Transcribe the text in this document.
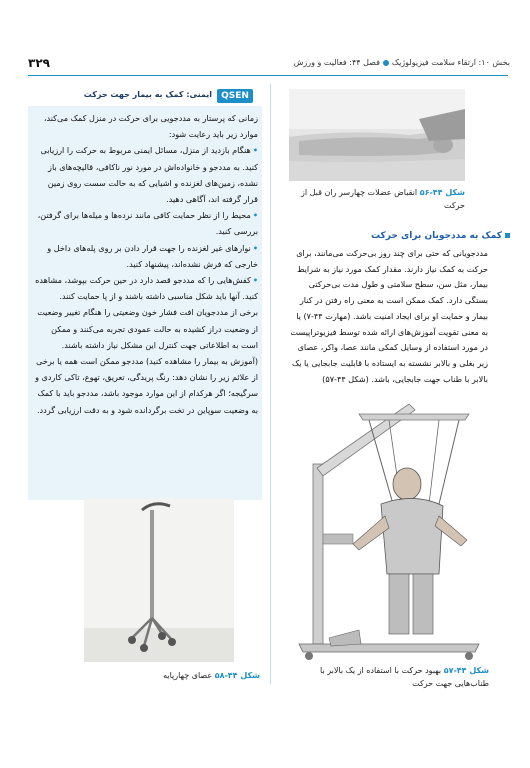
۳۲۹	بخش ۱۰: ارتقاء سلامت فیزیولوژیکفصل ۴۴: فعالیت و ورزش
QSEN
ایمنی: کمک به بیمار جهت حرکت

زمانی که پرستار به مددجویی برای حرکت در منزل کمک می‌کند، موارد زیر باید رعایت شود:

•هنگام بازدید از منزل، مسائل ایمنی مربوط به حرکت را ارزیابی کنید. به مددجو و خانواده‌اش در مورد نور ناکافی، قالیچه‌های باز نشده، زمین‌های لغزنده و اشیایی که به حالت سست روی زمین قرار گرفته اند، آگاهی دهید.

•محیط را از نظر حمایت کافی مانند نرده‌ها و میله‌ها برای گرفتن، بررسی کنید.

•نوارهای غیر لغزنده را جهت قرار دادن بر روی پله‌های داخل و خارجی که فرش نشده‌اند، پیشنهاد کنید.

•کفش‌هایی را که مددجو قصد دارد در حین حرکت بپوشد، مشاهده کنید. آنها باید شکل مناسبی داشته باشند و از پا حمایت کنند.

برخی از مددجویان افت فشار خون وضعیتی را هنگام تغییر وضعیت از وضعیت دراز کشیده به حالت عمودی تجربه می‌کنند و ممکن است به اطلاعاتی جهت کنترل این مشکل نیاز داشته باشند. (آموزش به بیمار را مشاهده کنید) مددجو ممکن است همه یا برخی از علائم زیر را نشان دهد: رنگ پریدگی، تعریق، تهوع، تاکی کاردی و سرگیجه؛ اگر هرکدام از این موارد موجود باشد، مددجو باید با کمک به وضعیت سوپاین در تخت برگردانده شود و به دقت ارزیابی گردد.

شکل ۴۴-۵۶ انقباض عضلات چهارسر ران قبل از حرکت
کمک به مددجویان برای حرکت
مددجویانی که حتی برای چند روز بی‌حرکت می‌مانند، برای حرکت به کمک نیاز دارند. مقدار کمک مورد نیاز به شرایط بیمار، مثل سن، سطح سلامتی و طول مدت بی‌حرکتی بستگی دارد. کمک ممکن است به معنی راه رفتن در کنار بیمار و حمایت او برای ایجاد امنیت باشد. (مهارت ۴۴-۷) یا به معنی تقویت آموزش‌های ارائه شده توسط فیزیوتراپیست در مورد استفاده از وسایل کمکی مانند عصا، واکر، عصای زیر بغلی و بالابر نشسته به ایستاده با قابلیت جابجایی یا یک بالابر با طناب جهت جابجایی، باشد. (شکل ۴۴-۵۷)
شکل ۴۴-۵۷ بهبود حرکت با استفاده از یک بالابر با طناب‌هایی جهت حرکت
شکل ۴۴-۵۸ عصای چهارپایه
